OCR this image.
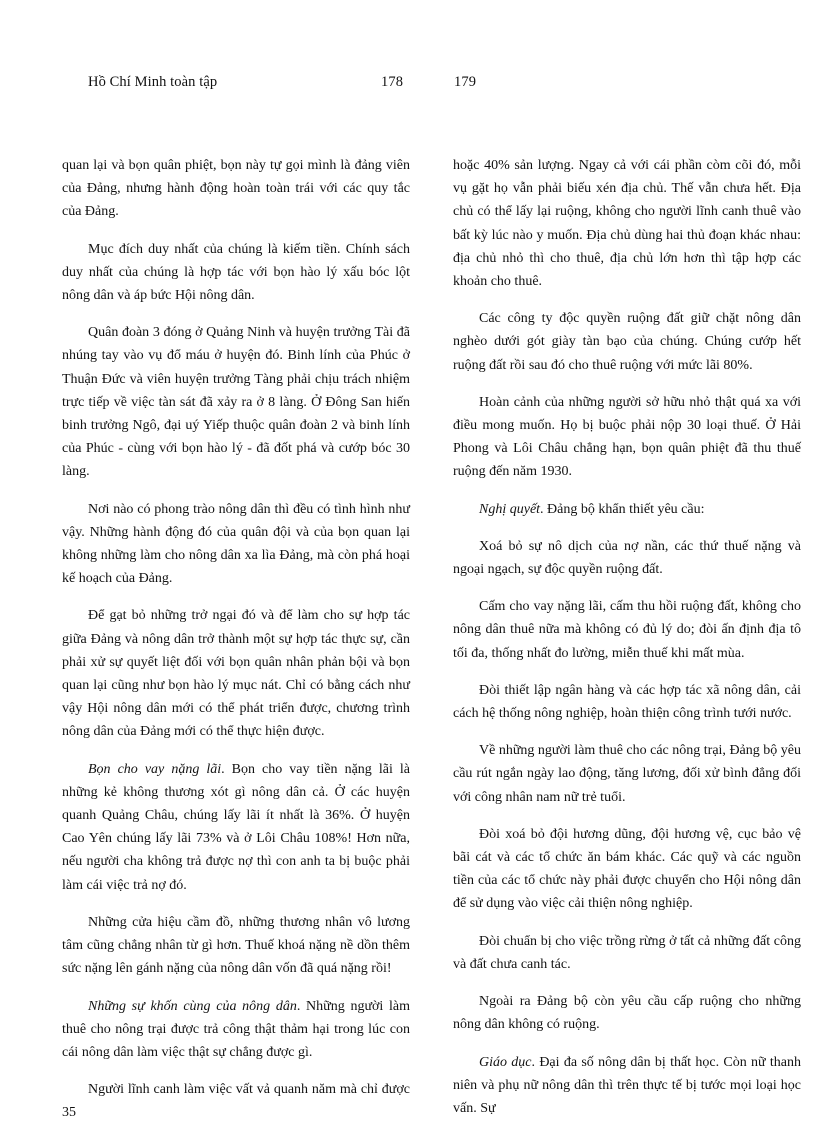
Hồ Chí Minh toàn tập	178	179

quan lại và bọn quân phiệt, bọn này tự gọi mình là đảng viên của Đảng, nhưng hành động hoàn toàn trái với các quy tắc của Đảng.

Mục đích duy nhất của chúng là kiếm tiền. Chính sách duy nhất của chúng là hợp tác với bọn hào lý xấu bóc lột nông dân và áp bức Hội nông dân.

Quân đoàn 3 đóng ở Quảng Ninh và huyện trưởng Tài đã nhúng tay vào vụ đổ máu ở huyện đó. Binh lính của Phúc ở Thuận Đức và viên huyện trưởng Tàng phải chịu trách nhiệm trực tiếp về việc tàn sát đã xảy ra ở 8 làng. Ở Đông San hiến binh trưởng Ngô, đại uý Yiếp thuộc quân đoàn 2 và binh lính của Phúc - cùng với bọn hào lý - đã đốt phá và cướp bóc 30 làng.

Nơi nào có phong trào nông dân thì đều có tình hình như vậy. Những hành động đó của quân đội và của bọn quan lại không những làm cho nông dân xa lìa Đảng, mà còn phá hoại kế hoạch của Đảng.

Để gạt bỏ những trở ngại đó và để làm cho sự hợp tác giữa Đảng và nông dân trở thành một sự hợp tác thực sự, cần phải xử sự quyết liệt đối với bọn quân nhân phản bội và bọn quan lại cũng như bọn hào lý mục nát. Chỉ có bằng cách như vậy Hội nông dân mới có thể phát triển được, chương trình nông dân của Đảng mới có thể thực hiện được.

Bọn cho vay nặng lãi. Bọn cho vay tiền nặng lãi là những kẻ không thương xót gì nông dân cả. Ở các huyện quanh Quảng Châu, chúng lấy lãi ít nhất là 36%. Ở huyện Cao Yên chúng lấy lãi 73% và ở Lôi Châu 108%! Hơn nữa, nếu người cha không trả được nợ thì con anh ta bị buộc phải làm cái việc trả nợ đó.

Những cửa hiệu cầm đồ, những thương nhân vô lương tâm cũng chẳng nhân từ gì hơn. Thuế khoá nặng nề dồn thêm sức nặng lên gánh nặng của nông dân vốn đã quá nặng rồi!

Những sự khốn cùng của nông dân. Những người làm thuê cho nông trại được trả công thật thảm hại trong lúc con cái nông dân làm việc thật sự chẳng được gì.

Người lĩnh canh làm việc vất vả quanh năm mà chỉ được 35

hoặc 40% sản lượng. Ngay cả với cái phần còm cõi đó, mỗi vụ gặt họ vẫn phải biếu xén địa chủ. Thế vẫn chưa hết. Địa chủ có thể lấy lại ruộng, không cho người lĩnh canh thuê vào bất kỳ lúc nào y muốn. Địa chủ dùng hai thủ đoạn khác nhau: địa chủ nhỏ thì cho thuê, địa chủ lớn hơn thì tập hợp các khoản cho thuê.

Các công ty độc quyền ruộng đất giữ chặt nông dân nghèo dưới gót giày tàn bạo của chúng. Chúng cướp hết ruộng đất rồi sau đó cho thuê ruộng với mức lãi 80%.

Hoàn cảnh của những người sở hữu nhỏ thật quá xa với điều mong muốn. Họ bị buộc phải nộp 30 loại thuế. Ở Hải Phong và Lôi Châu chẳng hạn, bọn quân phiệt đã thu thuế ruộng đến năm 1930.

Nghị quyết. Đảng bộ khẩn thiết yêu cầu:

Xoá bỏ sự nô dịch của nợ nần, các thứ thuế nặng và ngoại ngạch, sự độc quyền ruộng đất.

Cấm cho vay nặng lãi, cấm thu hồi ruộng đất, không cho nông dân thuê nữa mà không có đủ lý do; đòi ấn định địa tô tối đa, thống nhất đo lường, miễn thuế khi mất mùa.

Đòi thiết lập ngân hàng và các hợp tác xã nông dân, cải cách hệ thống nông nghiệp, hoàn thiện công trình tưới nước.

Về những người làm thuê cho các nông trại, Đảng bộ yêu cầu rút ngắn ngày lao động, tăng lương, đối xử bình đẳng đối với công nhân nam nữ trẻ tuổi.

Đòi xoá bỏ đội hương dũng, đội hương vệ, cục bảo vệ bãi cát và các tổ chức ăn bám khác. Các quỹ và các nguồn tiền của các tổ chức này phải được chuyển cho Hội nông dân để sử dụng vào việc cải thiện nông nghiệp.

Đòi chuẩn bị cho việc trồng rừng ở tất cả những đất công và đất chưa canh tác.

Ngoài ra Đảng bộ còn yêu cầu cấp ruộng cho những nông dân không có ruộng.

Giáo dục. Đại đa số nông dân bị thất học. Còn nữ thanh niên và phụ nữ nông dân thì trên thực tế bị tước mọi loại học vấn. Sự
